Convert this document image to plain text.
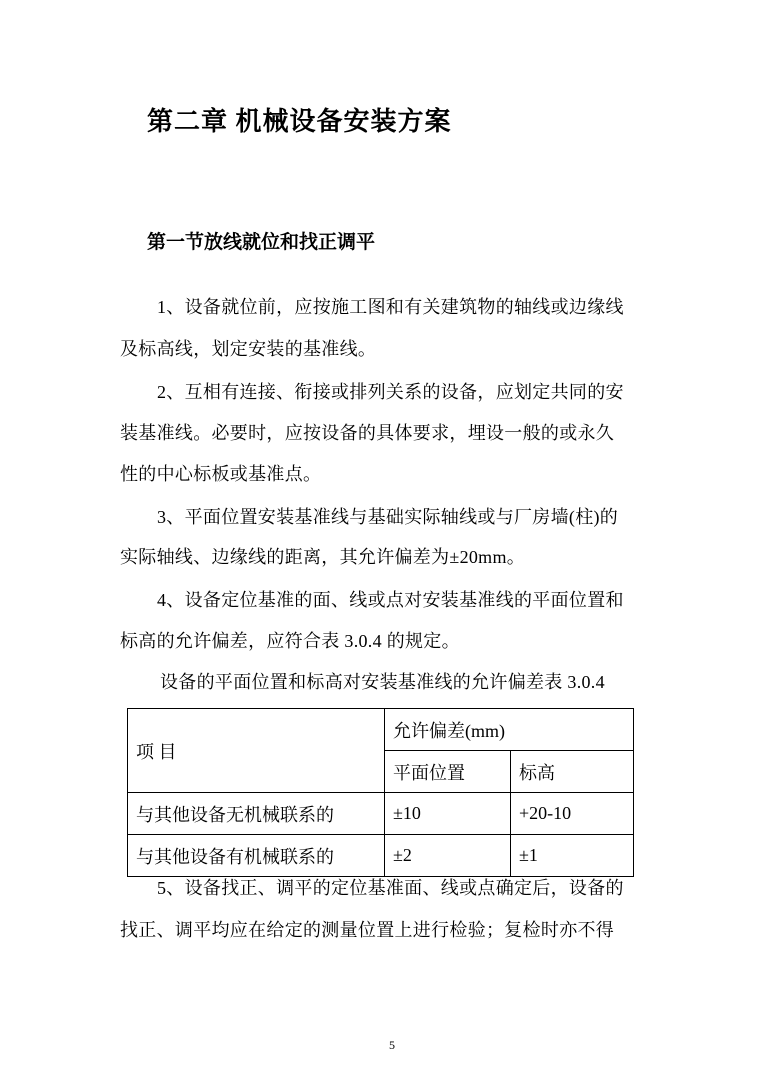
第二章 机械设备安装方案
第一节放线就位和找正调平
1、设备就位前，应按施工图和有关建筑物的轴线或边缘线
及标高线，划定安装的基准线。
2、互相有连接、衔接或排列关系的设备，应划定共同的安
装基准线。必要时，应按设备的具体要求，埋设一般的或永久
性的中心标板或基准点。
3、平面位置安装基准线与基础实际轴线或与厂房墙(柱)的
实际轴线、边缘线的距离，其允许偏差为±20mm。
4、设备定位基准的面、线或点对安装基准线的平面位置和
标高的允许偏差，应符合表 3.0.4 的规定。
设备的平面位置和标高对安装基准线的允许偏差表 3.0.4
项 目	允许偏差(mm)	
	平面位置	标高
与其他设备无机械联系的	±10	+20-10
与其他设备有机械联系的	±2	±1
5、设备找正、调平的定位基准面、线或点确定后，设备的
找正、调平均应在给定的测量位置上进行检验；复检时亦不得
5
